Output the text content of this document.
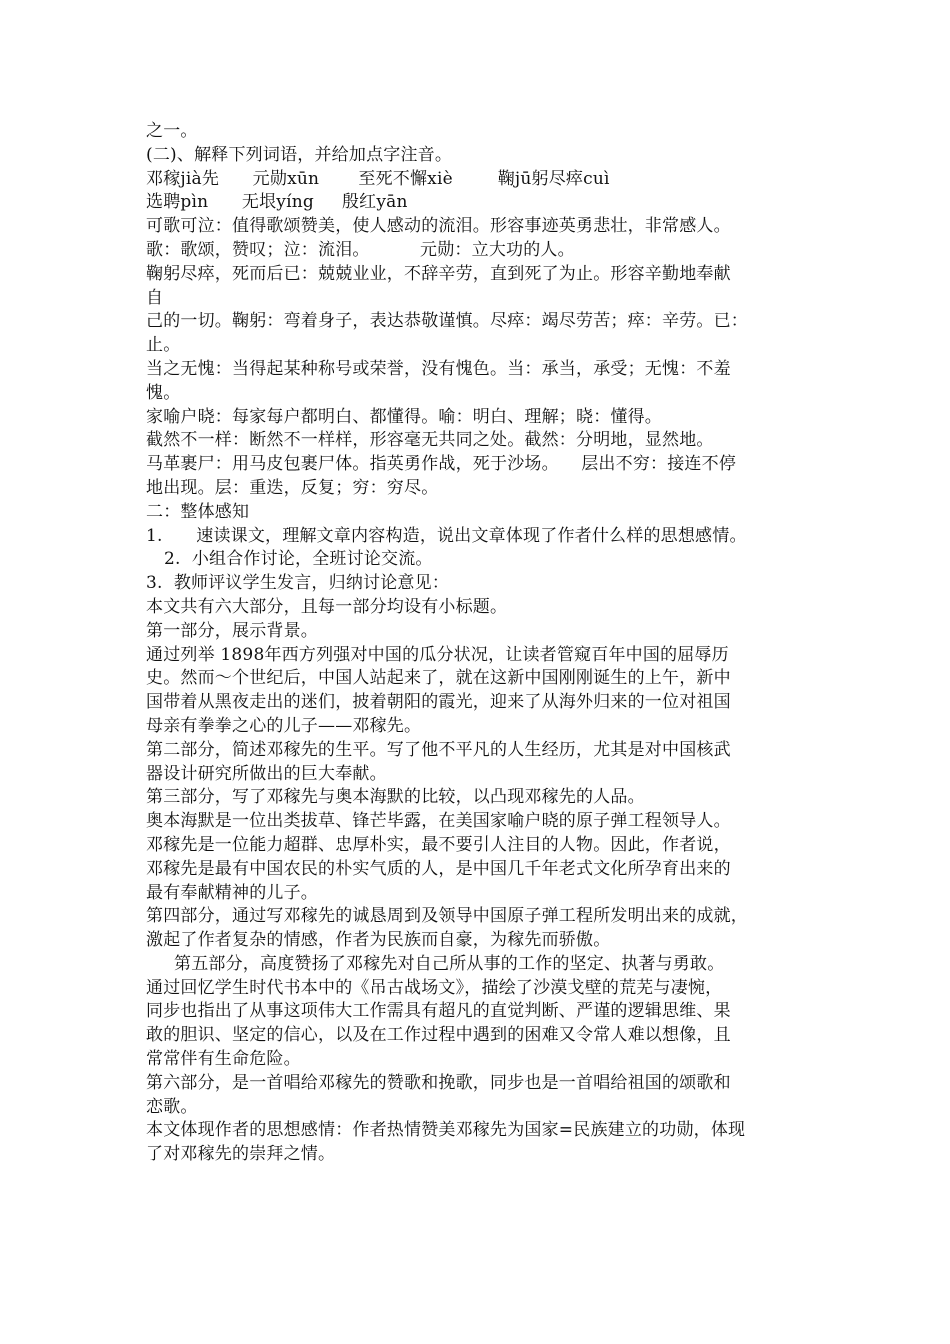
之一。
(二)、解释下列词语，并给加点字注音。
邓稼jià先      元勋xūn       至死不懈xiè        鞠jū躬尽瘁cuì
选聘pìn      无垠yíng     殷红yān
可歌可泣：值得歌颂赞美，使人感动的流泪。形容事迹英勇悲壮，非常感人。
歌：歌颂，赞叹；泣：流泪。         元勋：立大功的人。
鞠躬尽瘁，死而后已：兢兢业业，不辞辛劳，直到死了为止。形容辛勤地奉献
自
己的一切。鞠躬：弯着身子，表达恭敬谨慎。尽瘁：竭尽劳苦；瘁：辛劳。已：
止。
当之无愧：当得起某种称号或荣誉，没有愧色。当：承当，承受；无愧：不羞
愧。
家喻户晓：每家每户都明白、都懂得。喻：明白、理解；晓：懂得。
截然不一样：断然不一样样，形容毫无共同之处。截然：分明地，显然地。
马革裹尸：用马皮包裹尸体。指英勇作战，死于沙场。    层出不穷：接连不停
地出现。层：重迭，反复；穷：穷尽。
二：整体感知
1.      速读课文，理解文章内容构造，说出文章体现了作者什么样的思想感情。
2.  小组合作讨论，全班讨论交流。
3.  教师评议学生发言，归纳讨论意见：
本文共有六大部分，且每一部分均设有小标题。
第一部分，展示背景。
通过列举 1898年西方列强对中国的瓜分状况，让读者管窥百年中国的屈辱历
史。然而～个世纪后，中国人站起来了，就在这新中国刚刚诞生的上午，新中
国带着从黑夜走出的迷们，披着朝阳的霞光，迎来了从海外归来的一位对祖国
母亲有拳拳之心的儿子——邓稼先。
第二部分，简述邓稼先的生平。写了他不平凡的人生经历，尤其是对中国核武
器设计研究所做出的巨大奉献。
第三部分，写了邓稼先与奥本海默的比较，以凸现邓稼先的人品。
奥本海默是一位出类拔草、锋芒毕露，在美国家喻户晓的原子弹工程领导人。
邓稼先是一位能力超群、忠厚朴实，最不要引人注目的人物。因此，作者说，
邓稼先是最有中国农民的朴实气质的人，是中国几千年老式文化所孕育出来的
最有奉献精神的儿子。
第四部分，通过写邓稼先的诚恳周到及领导中国原子弹工程所发明出来的成就，
激起了作者复杂的情感，作者为民族而自豪，为稼先而骄傲。
第五部分，高度赞扬了邓稼先对自己所从事的工作的坚定、执著与勇敢。
通过回忆学生时代书本中的《吊古战场文》，描绘了沙漠戈壁的荒芜与凄惋，
同步也指出了从事这项伟大工作需具有超凡的直觉判断、严谨的逻辑思维、果
敢的胆识、坚定的信心，以及在工作过程中遇到的困难又令常人难以想像，且
常常伴有生命危险。
第六部分，是一首唱给邓稼先的赞歌和挽歌，同步也是一首唱给祖国的颂歌和
恋歌。
本文体现作者的思想感情：作者热情赞美邓稼先为国家=民族建立的功勋，体现
了对邓稼先的崇拜之情。
